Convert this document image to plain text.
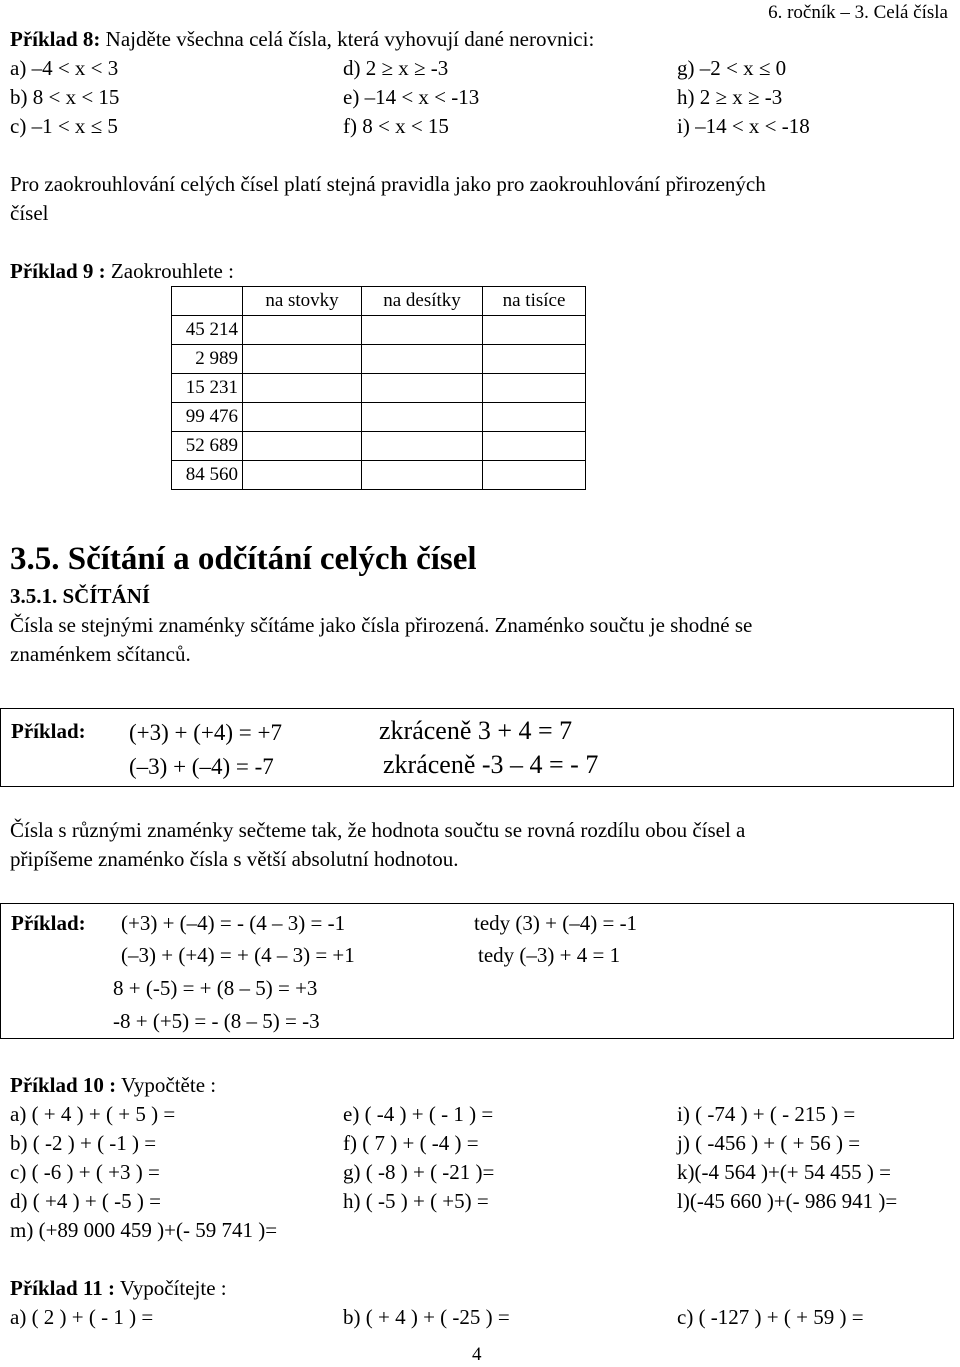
6. ročník – 3. Celá čísla
Příklad 8: Najděte všechna celá čísla, která vyhovují dané nerovnici:
a) –4 < x < 3	d) 2 ≥ x ≥ -3	g) –2 < x ≤ 0
b) 8 < x < 15	e) –14 < x < -13	h) 2 ≥ x ≥ -3
c) –1 < x ≤ 5	f) 8 < x < 15	i) –14 < x < -18
Pro zaokrouhlování celých čísel platí stejná pravidla jako pro zaokrouhlování přirozených
čísel
Příklad 9 : Zaokrouhlete :
	na stovky	na desítky	na tisíce
45 214			
2 989			
15 231			
99 476			
52 689			
84 560			
3.5. Sčítání a odčítání celých čísel
3.5.1. SČÍTÁNÍ
Čísla se stejnými znaménky sčítáme jako čísla přirozená. Znaménko součtu je shodné se
znaménkem sčítanců.
Příklad: (+3) + (+4) = +7	zkráceně 3 + 4 = 7
(–3) + (–4) = -7	zkráceně -3 – 4 = - 7
Čísla s různými znaménky sečteme tak, že hodnota součtu se rovná rozdílu obou čísel a
připíšeme znaménko čísla s větší absolutní hodnotou.
Příklad: (+3) + (–4) = - (4 – 3) = -1	tedy (3) + (–4) = -1
(–3) + (+4) = + (4 – 3) = +1	tedy (–3) + 4 = 1
8 + (-5) = + (8 – 5) = +3
-8 + (+5) = - (8 – 5) = -3
Příklad 10 : Vypočtěte :
a) ( + 4 ) + ( + 5 ) =	e) ( -4 ) + ( - 1 ) =	i) ( -74 ) + ( - 215 ) =
b) ( -2 ) + ( -1 ) =	f) ( 7 ) + ( -4 ) =	j) ( -456 ) + ( + 56 ) =
c) ( -6 ) + ( +3 ) =	g) ( -8 ) + ( -21 )=	k)(-4 564 )+(+ 54 455 ) =
d) ( +4 ) + ( -5 ) =	h) ( -5 ) + ( +5) =	l)(-45 660 )+(- 986 941 )=
m) (+89 000 459 )+(- 59 741 )=
Příklad 11 : Vypočítejte :
a) ( 2 ) + ( - 1 ) =	b) ( + 4 ) + ( -25 ) =	c) ( -127 ) + ( + 59 ) =
4
